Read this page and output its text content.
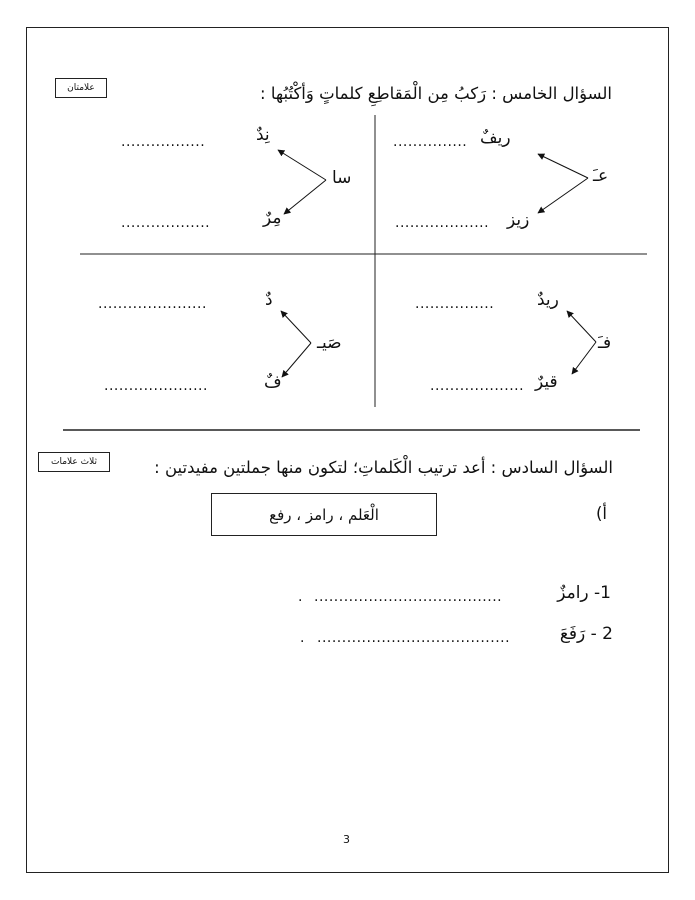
علامتان	السؤال الخامس : رَكبُ مِن الْمَقاطِعِ كلماتٍ وَأكْتُبُها :
عـَ
ريفٌ
...............
زيز
...................
سا
نِدٌ
.................
مِرٌ
..................
فـَ
ريدٌ
................
قيرٌ
...................
صَيـ
دٌ
......................
فٌ
.....................
ثلاث علامات	السؤال السادس : أعد ترتيب الْكَلماتِ؛ لتكون منها جملتين مفيدتين :
أ)
الْعَلم ، رامز ، رفع
1- رامزٌ
......................................
.
2 - رَفَعَ
.......................................
.
3
